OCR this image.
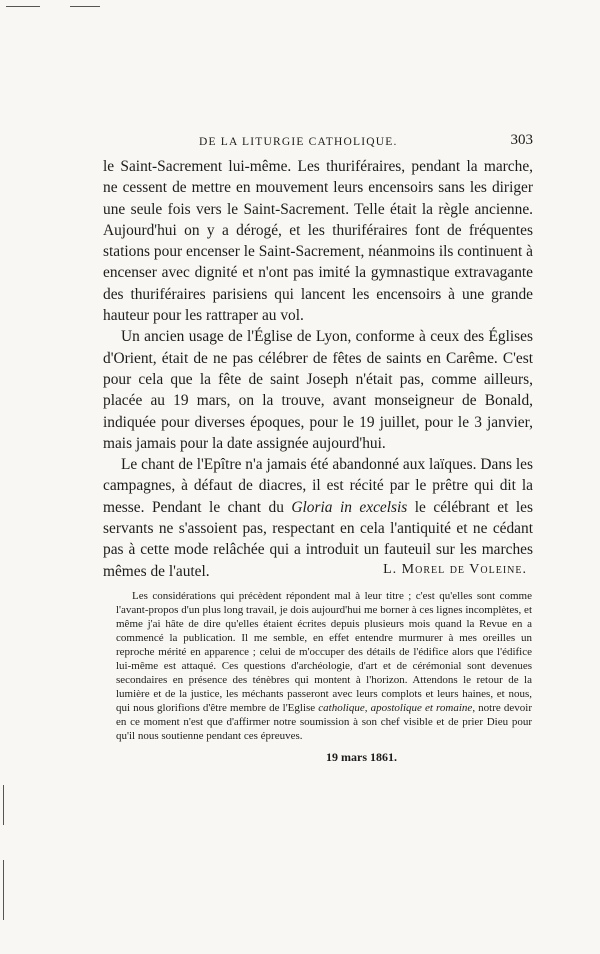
DE LA LITURGIE CATHOLIQUE.	303

le Saint-Sacrement lui-même. Les thuriféraires, pendant la marche, ne cessent de mettre en mouvement leurs encensoirs sans les diriger une seule fois vers le Saint-Sacrement. Telle était la règle ancienne. Aujourd'hui on y a dérogé, et les thuriféraires font de fréquentes stations pour encenser le Saint-Sacrement, néanmoins ils continuent à encenser avec dignité et n'ont pas imité la gymnastique extravagante des thuriféraires parisiens qui lancent les encensoirs à une grande hauteur pour les rattraper au vol.

Un ancien usage de l'Église de Lyon, conforme à ceux des Églises d'Orient, était de ne pas célébrer de fêtes de saints en Carême. C'est pour cela que la fête de saint Joseph n'était pas, comme ailleurs, placée au 19 mars, on la trouve, avant monseigneur de Bonald, indiquée pour diverses époques, pour le 19 juillet, pour le 3 janvier, mais jamais pour la date assignée aujourd'hui.

Le chant de l'Epître n'a jamais été abandonné aux laïques. Dans les campagnes, à défaut de diacres, il est récité par le prêtre qui dit la messe. Pendant le chant du Gloria in excelsis le célébrant et les servants ne s'assoient pas, respectant en cela l'antiquité et ne cédant pas à cette mode relâchée qui a introduit un fauteuil sur les marches mêmes de l'autel.	L. Morel de Voleine.

Les considérations qui précèdent répondent mal à leur titre ; c'est qu'elles sont comme l'avant-propos d'un plus long travail, je dois aujourd'hui me borner à ces lignes incomplètes, et même j'ai hâte de dire qu'elles étaient écrites depuis plusieurs mois quand la Revue en a commencé la publication. Il me semble, en effet entendre murmurer à mes oreilles un reproche mérité en apparence ; celui de m'occuper des détails de l'édifice alors que l'édifice lui-même est attaqué. Ces questions d'archéologie, d'art et de cérémonial sont devenues secondaires en présence des ténèbres qui montent à l'horizon. Attendons le retour de la lumière et de la justice, les méchants passeront avec leurs complots et leurs haines, et nous, qui nous glorifions d'être membre de l'Eglise catholique, apostolique et romaine, notre devoir en ce moment n'est que d'affirmer notre soumission à son chef visible et de prier Dieu pour qu'il nous soutienne pendant ces épreuves.

19 mars 1861.
